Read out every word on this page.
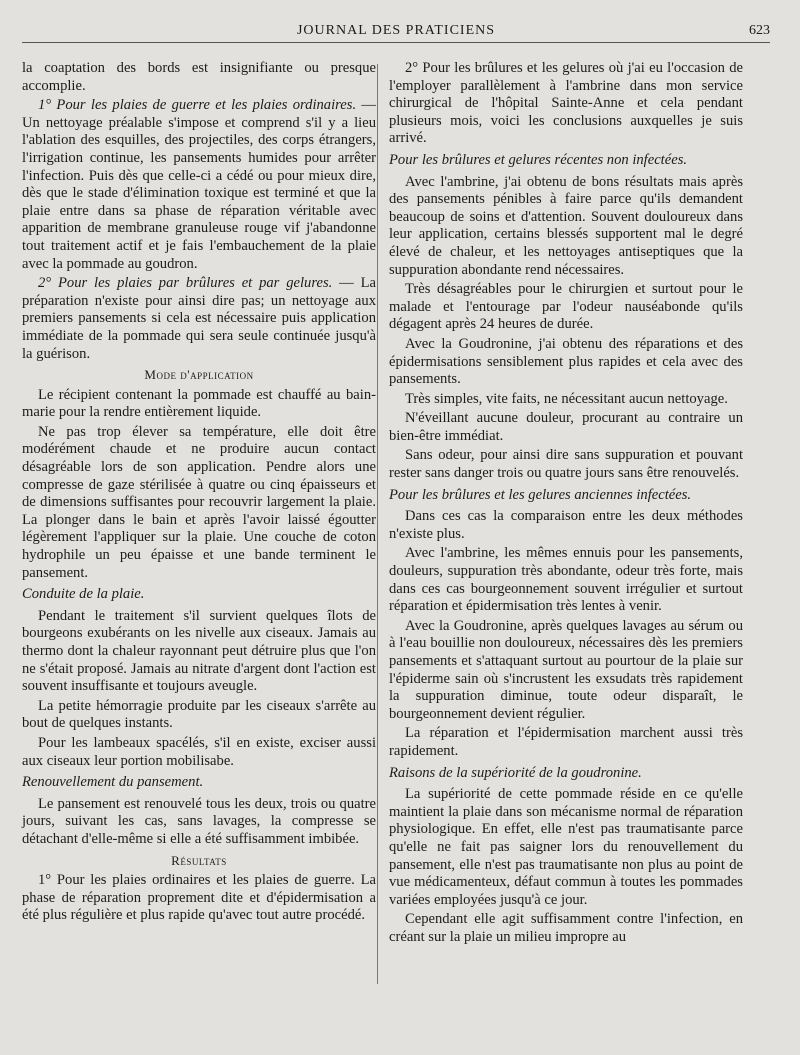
JOURNAL DES PRATICIENS	623

la coaptation des bords est insignifiante ou presque accomplie.

1° Pour les plaies de guerre et les plaies ordinaires. — Un nettoyage préalable s'impose et comprend s'il y a lieu l'ablation des esquilles, des projectiles, des corps étrangers, l'irrigation continue, les pansements humides pour arrêter l'infection. Puis dès que celle-ci a cédé ou pour mieux dire, dès que le stade d'élimination toxique est terminé et que la plaie entre dans sa phase de réparation véritable avec apparition de membrane granuleuse rouge vif j'abandonne tout traitement actif et je fais l'embauchement de la plaie avec la pommade au goudron.

2° Pour les plaies par brûlures et par gelures. — La préparation n'existe pour ainsi dire pas; un nettoyage aux premiers pansements si cela est nécessaire puis application immédiate de la pommade qui sera seule continuée jusqu'à la guérison.

Mode d'application

Le récipient contenant la pommade est chauffé au bain-marie pour la rendre entièrement liquide.

Ne pas trop élever sa température, elle doit être modérément chaude et ne produire aucun contact désagréable lors de son application. Pendre alors une compresse de gaze stérilisée à quatre ou cinq épaisseurs et de dimensions suffisantes pour recouvrir largement la plaie. La plonger dans le bain et après l'avoir laissé égoutter légèrement l'appliquer sur la plaie. Une couche de coton hydrophile un peu épaisse et une bande terminent le pansement.

Conduite de la plaie.

Pendant le traitement s'il survient quelques îlots de bourgeons exubérants on les nivelle aux ciseaux. Jamais au thermo dont la chaleur rayonnant peut détruire plus que l'on ne s'était proposé. Jamais au nitrate d'argent dont l'action est souvent insuffisante et toujours aveugle.

La petite hémorragie produite par les ciseaux s'arrête au bout de quelques instants.

Pour les lambeaux spacélés, s'il en existe, exciser aussi aux ciseaux leur portion mobilisabe.

Renouvellement du pansement.

Le pansement est renouvelé tous les deux, trois ou quatre jours, suivant les cas, sans lavages, la compresse se détachant d'elle-même si elle a été suffisamment imbibée.

Résultats

1° Pour les plaies ordinaires et les plaies de guerre. La phase de réparation proprement dite et d'épidermisation a été plus régulière et plus rapide qu'avec tout autre procédé.

2° Pour les brûlures et les gelures où j'ai eu l'occasion de l'employer parallèlement à l'ambrine dans mon service chirurgical de l'hôpital Sainte-Anne et cela pendant plusieurs mois, voici les conclusions auxquelles je suis arrivé.

Pour les brûlures et gelures récentes non infectées.

Avec l'ambrine, j'ai obtenu de bons résultats mais après des pansements pénibles à faire parce qu'ils demandent beaucoup de soins et d'attention. Souvent douloureux dans leur application, certains blessés supportent mal le degré élevé de chaleur, et les nettoyages antiseptiques que la suppuration abondante rend nécessaires.

Très désagréables pour le chirurgien et surtout pour le malade et l'entourage par l'odeur nauséabonde qu'ils dégagent après 24 heures de durée.

Avec la Goudronine, j'ai obtenu des réparations et des épidermisations sensiblement plus rapides et cela avec des pansements.

Très simples, vite faits, ne nécessitant aucun nettoyage.

N'éveillant aucune douleur, procurant au contraire un bien-être immédiat.

Sans odeur, pour ainsi dire sans suppuration et pouvant rester sans danger trois ou quatre jours sans être renouvelés.

Pour les brûlures et les gelures anciennes infectées.

Dans ces cas la comparaison entre les deux méthodes n'existe plus.

Avec l'ambrine, les mêmes ennuis pour les pansements, douleurs, suppuration très abondante, odeur très forte, mais dans ces cas bourgeonnement souvent irrégulier et surtout réparation et épidermisation très lentes à venir.

Avec la Goudronine, après quelques lavages au sérum ou à l'eau bouillie non douloureux, nécessaires dès les premiers pansements et s'attaquant surtout au pourtour de la plaie sur l'épiderme sain où s'incrustent les exsudats très rapidement la suppuration diminue, toute odeur disparaît, le bourgeonnement devient régulier.

La réparation et l'épidermisation marchent aussi très rapidement.

Raisons de la supériorité de la goudronine.

La supériorité de cette pommade réside en ce qu'elle maintient la plaie dans son mécanisme normal de réparation physiologique. En effet, elle n'est pas traumatisante parce qu'elle ne fait pas saigner lors du renouvellement du pansement, elle n'est pas traumatisante non plus au point de vue médicamenteux, défaut commun à toutes les pommades variées employées jusqu'à ce jour.

Cependant elle agit suffisamment contre l'infection, en créant sur la plaie un milieu impropre au
